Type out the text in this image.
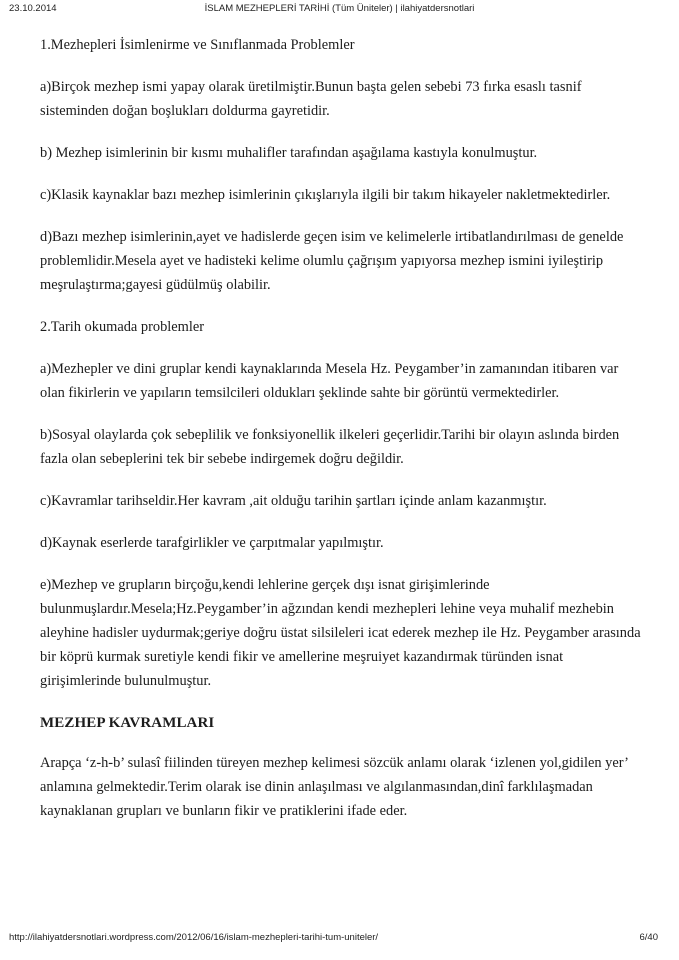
23.10.2014	İSLAM MEZHEPLERİ TARİHİ (Tüm Üniteler) | ilahiyatdersnotlari

1.Mezhepleri İsimlenirme ve Sınıflanmada Problemler

a)Birçok mezhep ismi yapay olarak üretilmiştir.Bunun başta gelen sebebi 73 fırka esaslı tasnif sisteminden doğan boşlukları doldurma gayretidir.

b) Mezhep isimlerinin bir kısmı muhalifler tarafından aşağılama kastıyla konulmuştur.

c)Klasik kaynaklar bazı mezhep isimlerinin çıkışlarıyla ilgili bir takım hikayeler nakletmektedirler.

d)Bazı mezhep isimlerinin,ayet ve hadislerde geçen isim ve kelimelerle irtibatlandırılması de genelde problemlidir.Mesela ayet ve hadisteki kelime olumlu çağrışım yapıyorsa mezhep ismini iyileştirip meşrulaştırma;gayesi güdülmüş olabilir.

2.Tarih okumada problemler

a)Mezhepler ve dini gruplar kendi kaynaklarında Mesela Hz. Peygamber’in zamanından itibaren var olan fikirlerin ve yapıların temsilcileri oldukları şeklinde sahte bir görüntü vermektedirler.

b)Sosyal olaylarda çok sebeplilik ve fonksiyonellik ilkeleri geçerlidir.Tarihi bir olayın aslında birden fazla olan sebeplerini tek bir sebebe indirgemek doğru değildir.

c)Kavramlar tarihseldir.Her kavram ,ait olduğu tarihin şartları içinde anlam kazanmıştır.

d)Kaynak eserlerde tarafgirlikler ve çarpıtmalar yapılmıştır.

e)Mezhep ve grupların birçoğu,kendi lehlerine gerçek dışı isnat girişimlerinde bulunmuşlardır.Mesela;Hz.Peygamber’in ağzından kendi mezhepleri lehine veya muhalif mezhebin aleyhine hadisler uydurmak;geriye doğru üstat silsileleri icat ederek mezhep ile Hz. Peygamber arasında bir köprü kurmak suretiyle kendi fikir ve amellerine meşruiyet kazandırmak türünden isnat girişimlerinde bulunulmuştur.

MEZHEP KAVRAMLARI

Arapça ‘z-h-b’ sulasî fiilinden türeyen mezhep kelimesi sözcük anlamı olarak ‘izlenen yol,gidilen yer’ anlamına gelmektedir.Terim olarak ise dinin anlaşılması ve algılanmasından,dinî farklılaşmadan kaynaklanan grupları ve bunların fikir ve pratiklerini ifade eder.

http://ilahiyatdersnotlari.wordpress.com/2012/06/16/islam-mezhepleri-tarihi-tum-uniteler/	6/40
